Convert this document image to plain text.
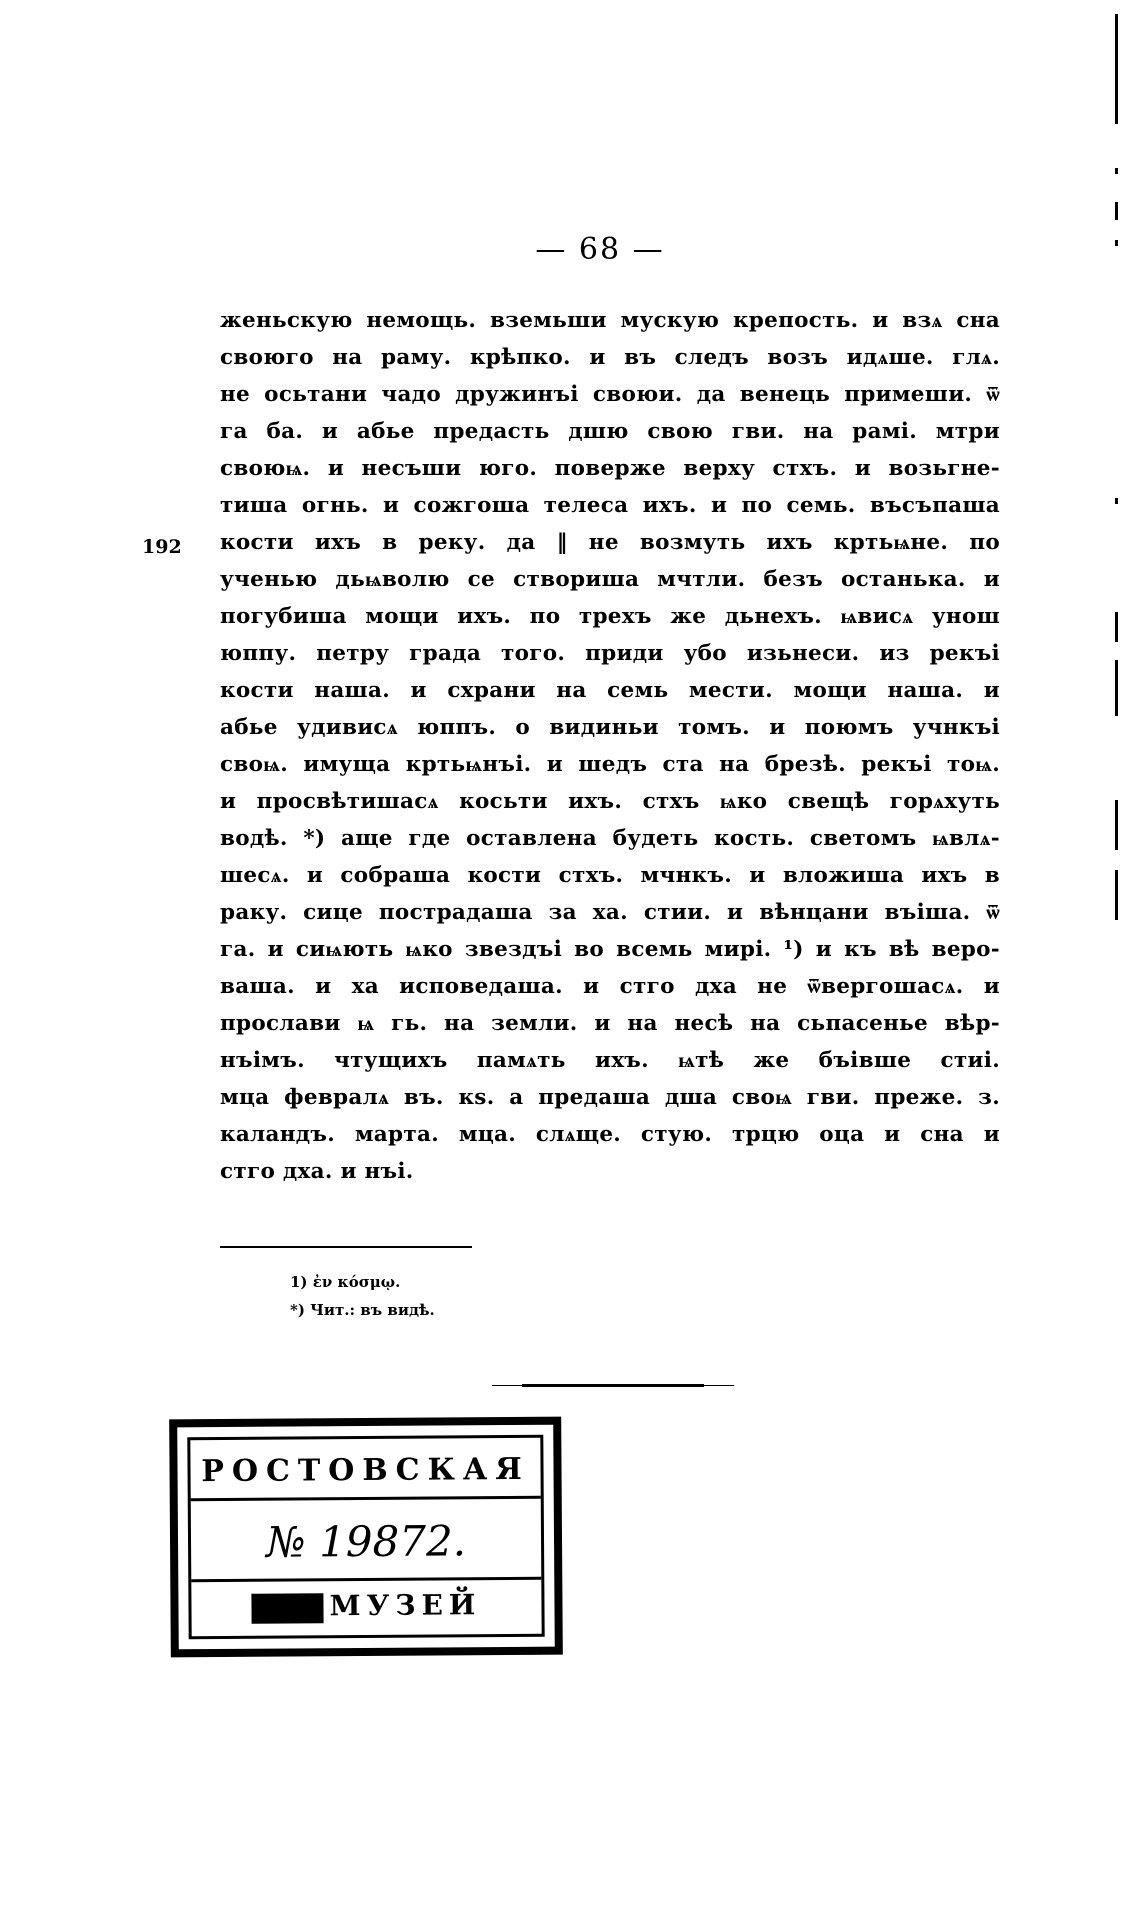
— 68 —
192
женьскую немощь. вземьши мускую крепость. и взѧ сна
своюго на раму. крѣпко. и въ следъ возъ идѧше. глѧ.
не осьтани чадо дружинъі своюи. да венець примеши. ѿ
га ба. и абье предасть дшю свою гви. на рамі. мтри
своюѩ. и несъши юго. поверже верху стхъ. и возьгне-
тиша огнь. и сожгоша телеса ихъ. и по семь. въсъпаша
кости ихъ в реку. да ‖ не возмуть ихъ кртьѩне. по
ученью дьѩволю се створиша мчтли. безъ останька. и
погубиша мощи ихъ. по трехъ же дьнехъ. ѩвисѧ унош
юппу. петру града того. приди убо изьнеси. из рекъі
кости наша. и схрани на семь мести. мощи наша. и
абье удивисѧ юппъ. о видиньи томъ. и поюмъ учнкъі
своѩ. имуща кртьѩнъі. и шедъ ста на брезѣ. рекъі тоѩ.
и просвѣтишасѧ косьти ихъ. стхъ ѩко свещѣ горѧхуть
водѣ. *) аще где оставлена будеть кость. светомъ ѩвлѧ-
шесѧ. и собраша кости стхъ. мчнкъ. и вложиша ихъ в
раку. сице пострадаша за ха. стии. и вѣнцани въіша. ѿ
га. и сиѩють ѩко звездъі во всемь мирі. ¹) и къ вѣ веро-
ваша. и ха исповедаша. и стго дха не ѿвергошасѧ. и
прослави ѩ гь. на земли. и на несѣ на сьпасенье вѣр-
нъімъ. чтущихъ памѧть ихъ. ѩтѣ же бъівше стиі.
мца февралѧ въ. кѕ. а предаша дша своѩ гви. преже. з.
каландъ. марта. мца. слѧще. стую. трцю оца и сна и
стго дха. и нъі.
1) ἐν κόσμῳ.
*) Чит.: въ видѣ.
РОСТОВСКАЯ
№ 19872.
МУЗЕЙ
